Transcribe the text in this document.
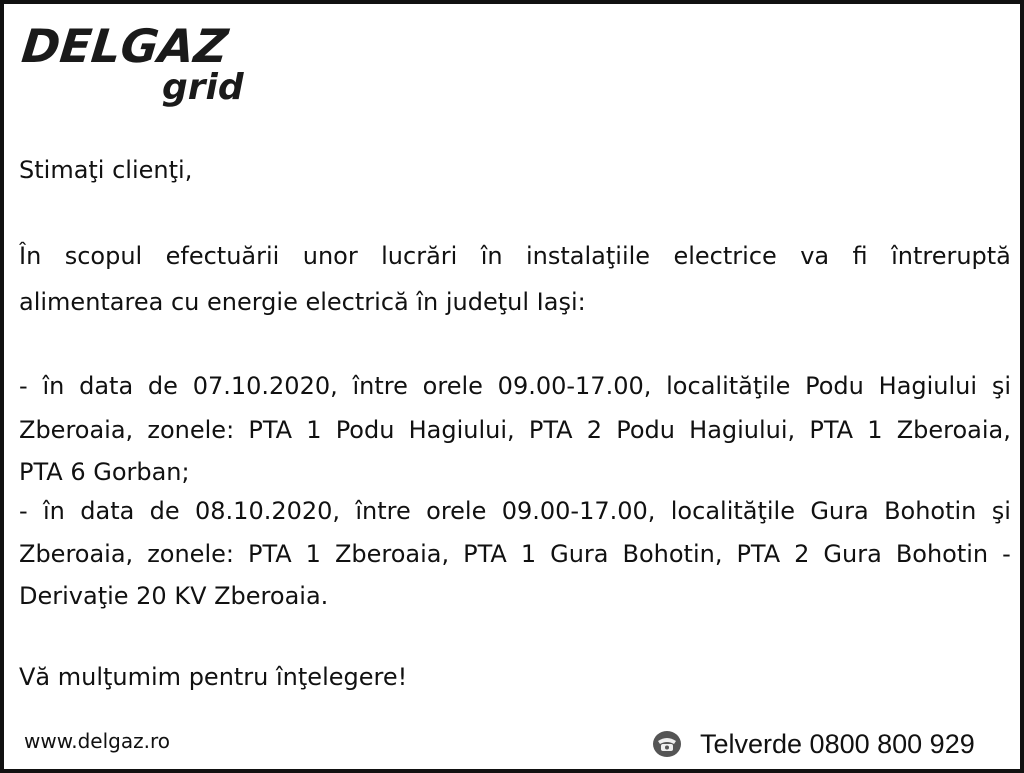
DELGAZ
grid
Stimaţi clienţi,
În scopul efectuării unor lucrări în instalaţiile electrice va fi întreruptă
alimentarea cu energie electrică în judeţul Iaşi:
- în data de 07.10.2020, între orele 09.00-17.00, localităţile Podu Hagiului şi
Zberoaia, zonele: PTA 1 Podu Hagiului, PTA 2 Podu Hagiului, PTA 1 Zberoaia,
PTA 6 Gorban;
- în data de 08.10.2020, între orele 09.00-17.00, localităţile Gura Bohotin şi
Zberoaia, zonele: PTA 1 Zberoaia, PTA 1 Gura Bohotin, PTA 2 Gura Bohotin -
Derivaţie 20 KV Zberoaia.
Vă mulţumim pentru înţelegere!
www.delgaz.ro	Telverde 0800 800 929
